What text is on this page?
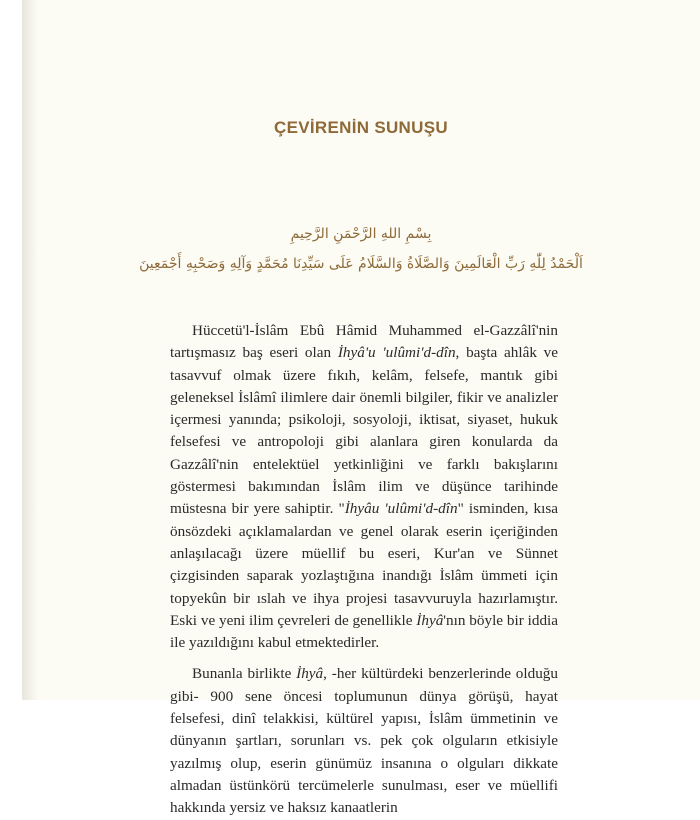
ÇEVİRENİN SUNUŞU

بِسْمِ اللهِ الرَّحْمَنِ الرَّحِيمِ

اَلْحَمْدُ لِلّٰهِ رَبِّ الْعَالَمِينَ وَالصَّلَاةُ وَالسَّلَامُ عَلَى سَيِّدِنَا مُحَمَّدٍ وَآلِهِ وَصَحْبِهِ أَجْمَعِينَ

Hüccetü'l-İslâm Ebû Hâmid Muhammed el-Gazzâlî'nin tartışmasız baş eseri olan İhyâ'u 'ulûmi'd-dîn, başta ahlâk ve tasavvuf olmak üzere fıkıh, kelâm, felsefe, mantık gibi geleneksel İslâmî ilimlere dair önemli bilgiler, fikir ve analizler içermesi yanında; psikoloji, sosyoloji, iktisat, siyaset, hukuk felsefesi ve antropoloji gibi alanlara giren konularda da Gazzâlî'nin entelektüel yetkinliğini ve farklı bakışlarını göstermesi bakımından İslâm ilim ve düşünce tarihinde müstesna bir yere sahiptir. "İhyâu 'ulûmi'd-dîn" isminden, kısa önsözdeki açıklamalardan ve genel olarak eserin içeriğinden anlaşılacağı üzere müellif bu eseri, Kur'an ve Sünnet çizgisinden saparak yozlaştığına inandığı İslâm ümmeti için topyekûn bir ıslah ve ihya projesi tasavvuruyla hazırlamıştır. Eski ve yeni ilim çevreleri de genellikle İhyâ'nın böyle bir iddia ile yazıldığını kabul etmektedirler.

Bunanla birlikte İhyâ, -her kültürdeki benzerlerinde olduğu gibi- 900 sene öncesi toplumunun dünya görüşü, hayat felsefesi, dinî telakkisi, kültürel yapısı, İslâm ümmetinin ve dünyanın şartları, sorunları vs. pek çok olguların etkisiyle yazılmış olup, eserin günümüz insanına o olguları dikkate almadan üstünkörü tercümelerle sunulması, eser ve müellifi hakkında yersiz ve haksız kanaatlerin
